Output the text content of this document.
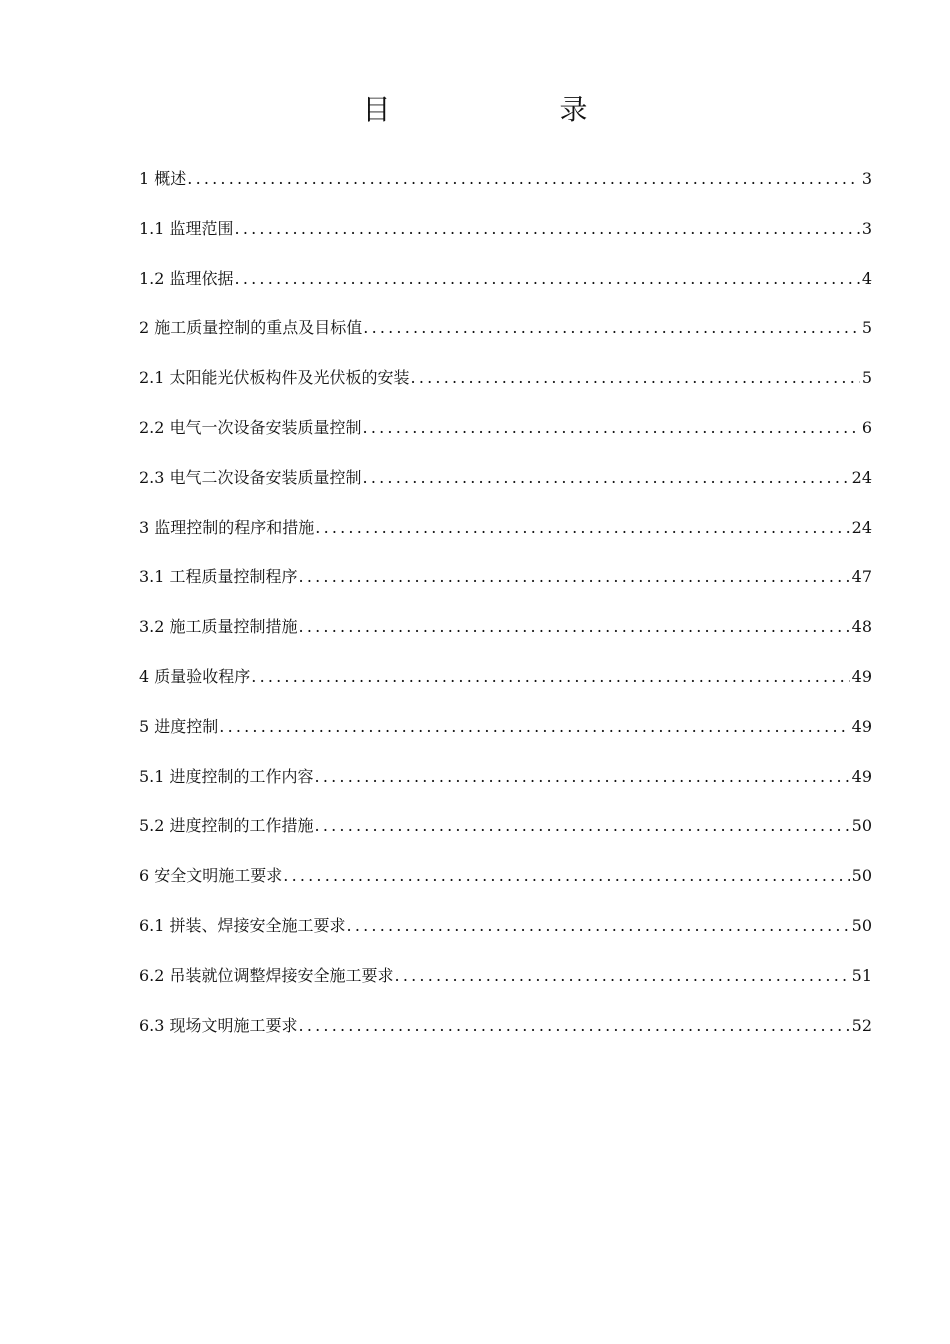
目 录
1 概述 .....	3
1.1 监理范围 .....	3
1.2 监理依据 .....	4
2 施工质量控制的重点及目标值 .....	5
2.1 太阳能光伏板构件及光伏板的安装 .....	5
2.2 电气一次设备安装质量控制 .....	6
2.3 电气二次设备安装质量控制 .....	24
3 监理控制的程序和措施 .....	24
3.1 工程质量控制程序 .....	47
3.2 施工质量控制措施 .....	48
4 质量验收程序 .....	49
5 进度控制 .....	49
5.1 进度控制的工作内容 .....	49
5.2 进度控制的工作措施 .....	50
6 安全文明施工要求 .....	50
6.1 拼装、焊接安全施工要求 .....	50
6.2 吊装就位调整焊接安全施工要求 .....	51
6.3 现场文明施工要求 .....	52
